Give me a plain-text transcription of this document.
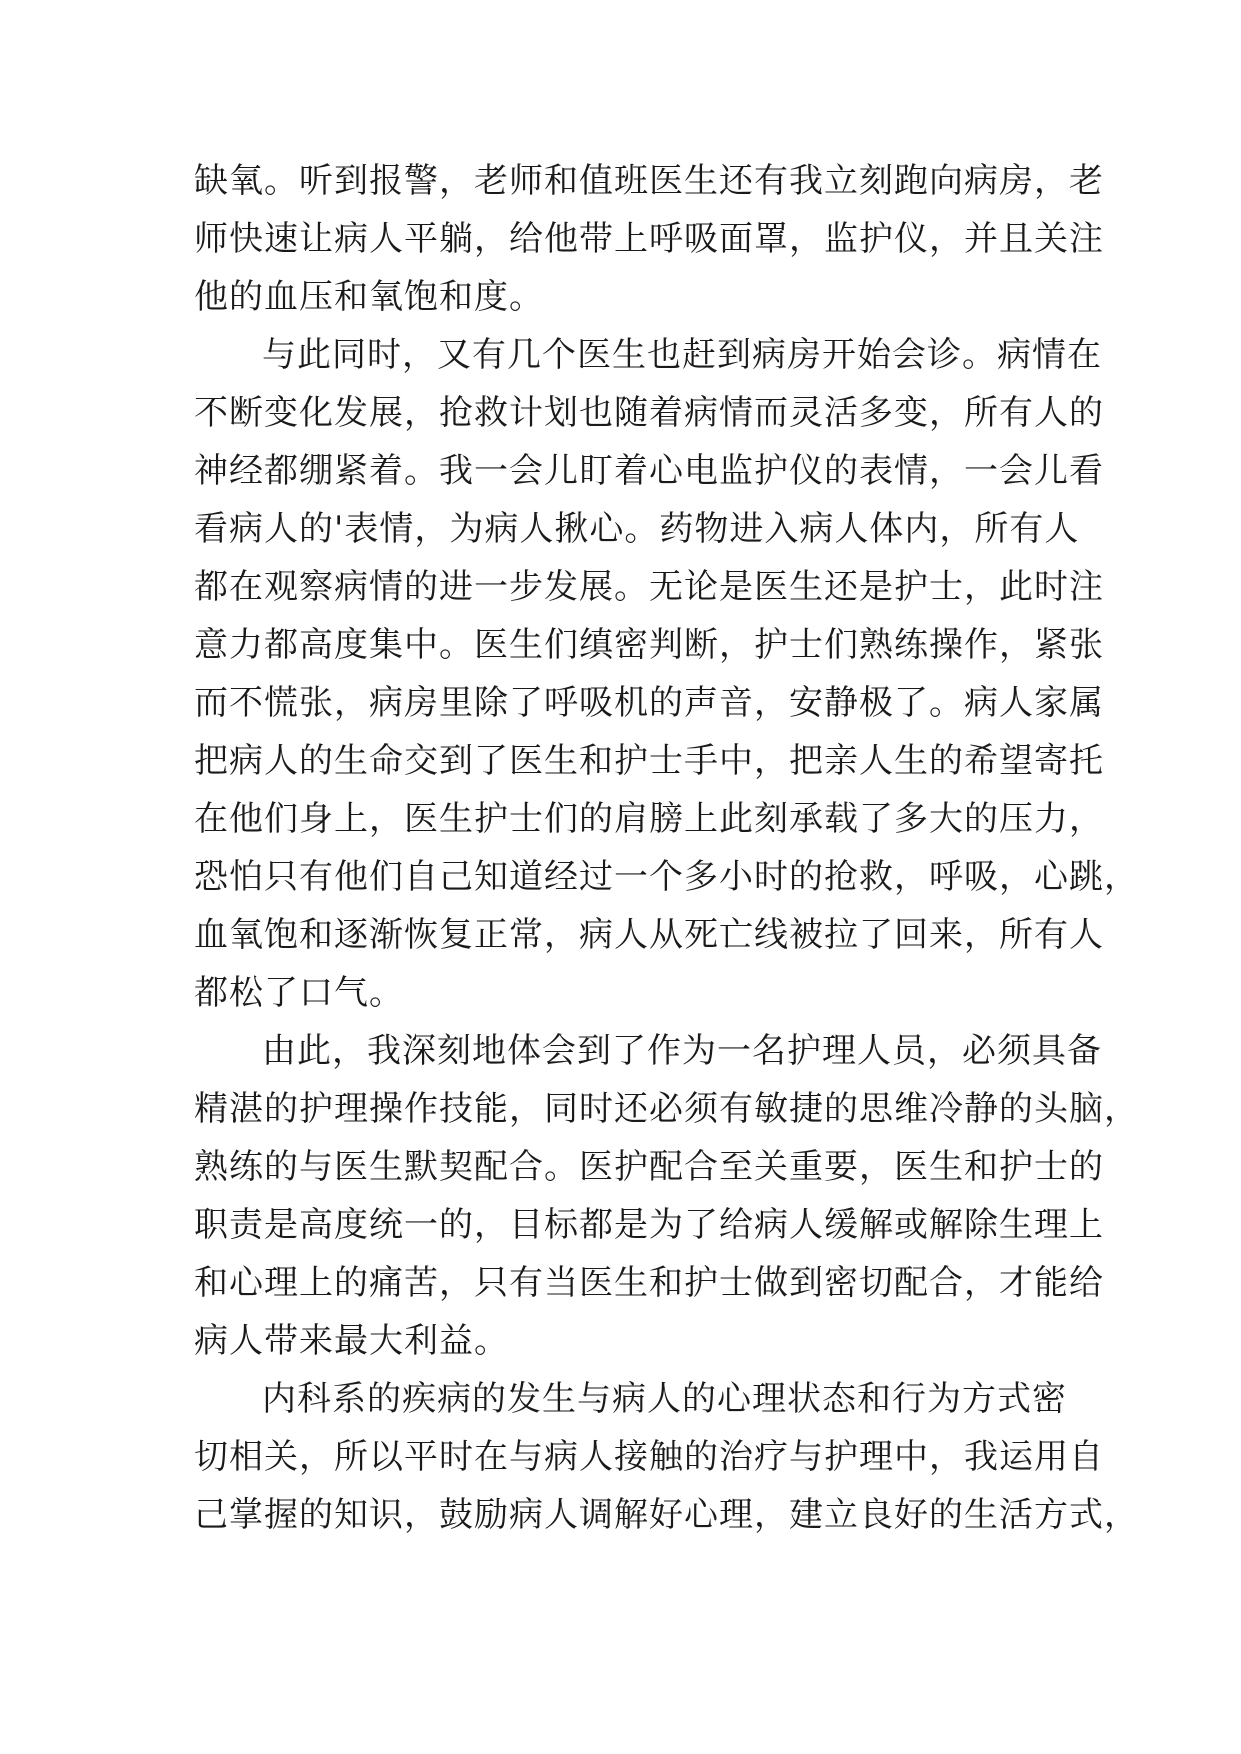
缺氧。听到报警，老师和值班医生还有我立刻跑向病房，老
师快速让病人平躺，给他带上呼吸面罩，监护仪，并且关注
他的血压和氧饱和度。
与此同时，又有几个医生也赶到病房开始会诊。病情在
不断变化发展，抢救计划也随着病情而灵活多变，所有人的
神经都绷紧着。我一会儿盯着心电监护仪的表情，一会儿看
看病人的'表情，为病人揪心。药物进入病人体内，所有人
都在观察病情的进一步发展。无论是医生还是护士，此时注
意力都高度集中。医生们缜密判断，护士们熟练操作，紧张
而不慌张，病房里除了呼吸机的声音，安静极了。病人家属
把病人的生命交到了医生和护士手中，把亲人生的希望寄托
在他们身上，医生护士们的肩膀上此刻承载了多大的压力，
恐怕只有他们自己知道经过一个多小时的抢救，呼吸，心跳，
血氧饱和逐渐恢复正常，病人从死亡线被拉了回来，所有人
都松了口气。
由此，我深刻地体会到了作为一名护理人员，必须具备
精湛的护理操作技能，同时还必须有敏捷的思维冷静的头脑，
熟练的与医生默契配合。医护配合至关重要，医生和护士的
职责是高度统一的，目标都是为了给病人缓解或解除生理上
和心理上的痛苦，只有当医生和护士做到密切配合，才能给
病人带来最大利益。
内科系的疾病的发生与病人的心理状态和行为方式密
切相关，所以平时在与病人接触的治疗与护理中，我运用自
己掌握的知识，鼓励病人调解好心理，建立良好的生活方式，
